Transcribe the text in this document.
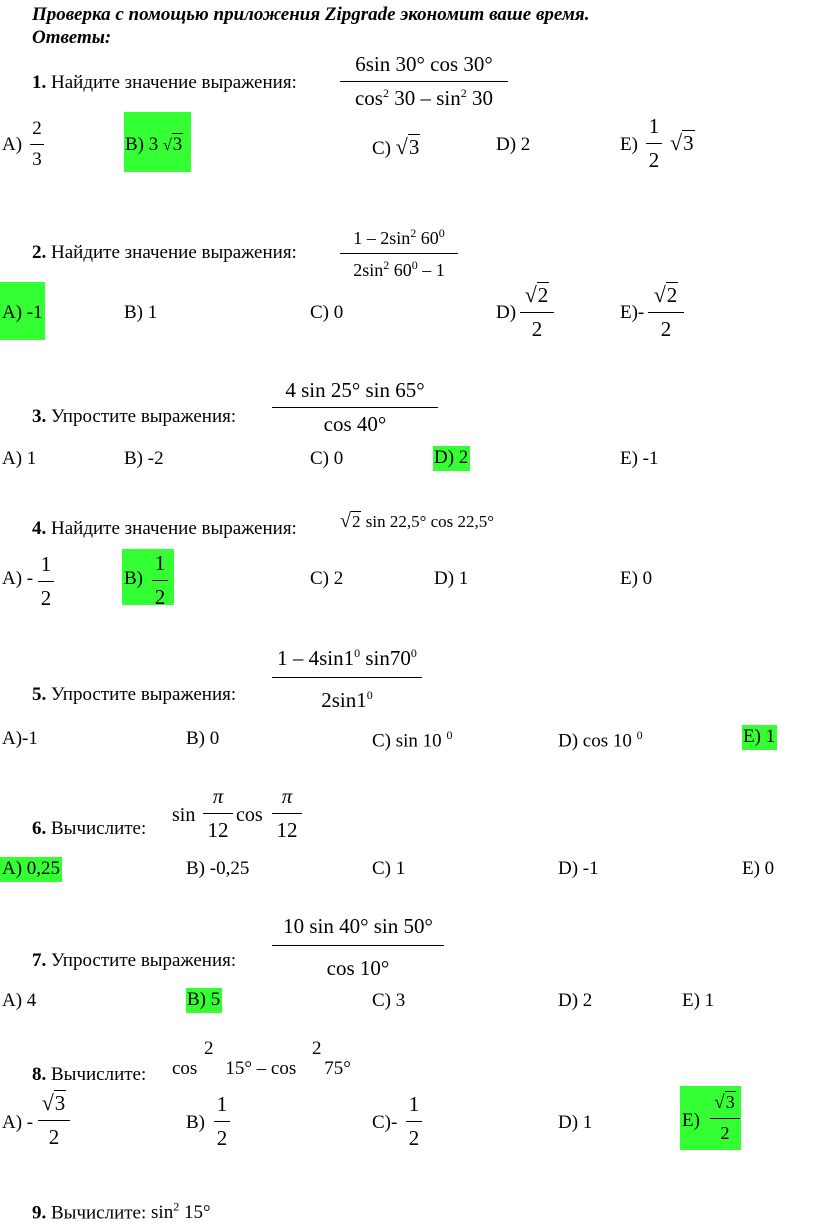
Проверка с помощью приложения Zipgrade экономит ваше время.
Ответы:
1. Найдите значение выражения:
6sin 30° cos 30°
$\cos^2 30 - \sin^2 30$
А)
2
3
В) 3 √3	С) √3	D) 2	Е)
1
2
√3
2. Найдите значение выражения:
$1 - 2\sin^2$ $60^0$
$2\sin^2$ $60^0 - 1$
А) -1	В) 1	С) 0	D)
√2
2
Е)-
√2
2
3. Упростите выражения:
4 sin 25° sin 65°
cos 40°
А) 1	В) -2	С) 0	D) 2	Е) -1
4. Найдите значение выражения: √2 sin 22,5° cos 22,5°
А) -
1
2
В)
1
2
С) 2	D) 1	Е) 0
5. Упростите выражения:
$1 - 4\sin 1^0$ $\sin 70^0$
$2\sin 1^0$
А)-1	В) 0	С) sin 10 $^0$	D) cos 10 $^0$	Е) 1
6. Вычислите:
sin
π
12
cos
π
12
А) 0,25	В) -0,25	С) 1	D) -1	Е) 0
7. Упростите выражения:
10 sin 40° sin 50°
cos 10°
А) 4	В) 5	С) 3	D) 2	Е) 1
8. Вычислите:
2
cos 15° – cos 75°
2
А) -
√3
2
В)
1
2
С)-
1
2
D) 1	Е)
√3
2
9. Вычислите: $\sin^2 15^\circ$
